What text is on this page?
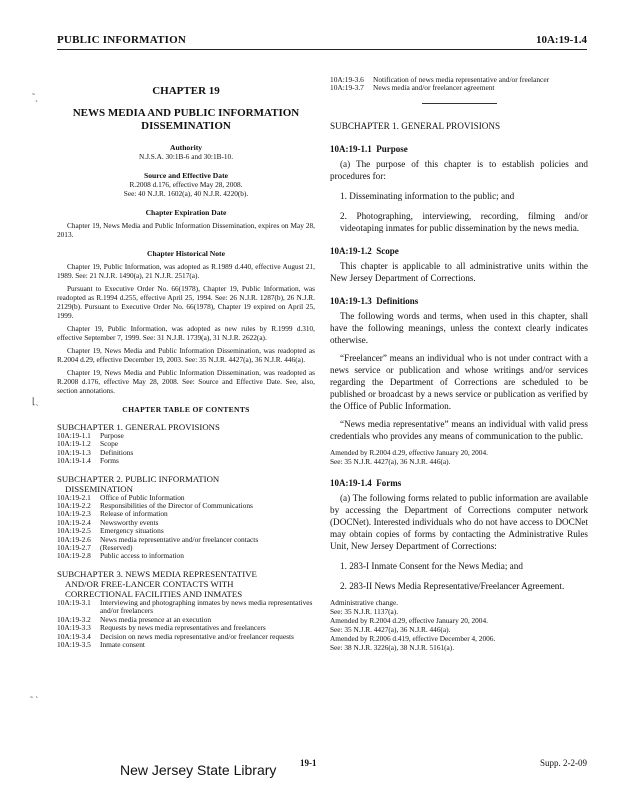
PUBLIC INFORMATION	10A:19-1.4
CHAPTER 19
NEWS MEDIA AND PUBLIC INFORMATION
DISSEMINATION
Authority
N.J.S.A. 30:1B-6 and 30:1B-10.
Source and Effective Date
R.2008 d.176, effective May 28, 2008.
See: 40 N.J.R. 1602(a), 40 N.J.R. 4220(b).
Chapter Expiration Date
Chapter 19, News Media and Public Information Dissemination, expires on May 28, 2013.
Chapter Historical Note
Chapter 19, Public Information, was adopted as R.1989 d.440, effective August 21, 1989. See: 21 N.J.R. 1490(a), 21 N.J.R. 2517(a).
Pursuant to Executive Order No. 66(1978), Chapter 19, Public Information, was readopted as R.1994 d.255, effective April 25, 1994. See: 26 N.J.R. 1287(b), 26 N.J.R. 2129(b). Pursuant to Executive Order No. 66(1978), Chapter 19 expired on April 25, 1999.
Chapter 19, Public Information, was adopted as new rules by R.1999 d.310, effective September 7, 1999. See: 31 N.J.R. 1739(a), 31 N.J.R. 2622(a).
Chapter 19, News Media and Public Information Dissemination, was readopted as R.2004 d.29, effective December 19, 2003. See: 35 N.J.R. 4427(a), 36 N.J.R. 446(a).
Chapter 19, News Media and Public Information Dissemination, was readopted as R.2008 d.176, effective May 28, 2008. See: Source and Effective Date. See, also, section annotations.
CHAPTER TABLE OF CONTENTS
SUBCHAPTER 1. GENERAL PROVISIONS
10A:19-1.1	Purpose
10A:19-1.2	Scope
10A:19-1.3	Definitions
10A:19-1.4	Forms
SUBCHAPTER 2. PUBLIC INFORMATION
DISSEMINATION
10A:19-2.1	Office of Public Information
10A:19-2.2	Responsibilities of the Director of Communications
10A:19-2.3	Release of information
10A:19-2.4	Newsworthy events
10A:19-2.5	Emergency situations
10A:19-2.6	News media representative and/or freelancer contacts
10A:19-2.7	(Reserved)
10A:19-2.8	Public access to information
SUBCHAPTER 3. NEWS MEDIA REPRESENTATIVE
AND/OR FREE-LANCER CONTACTS WITH
CORRECTIONAL FACILITIES AND INMATES
10A:19-3.1	Interviewing and photographing inmates by news media representatives and/or freelancers
10A:19-3.2	News media presence at an execution
10A:19-3.3	Requests by news media representatives and freelancers
10A:19-3.4	Decision on news media representative and/or freelancer requests
10A:19-3.5	Inmate consent
10A:19-3.6	Notification of news media representative and/or freelancer
10A:19-3.7	News media and/or freelancer agreement
SUBCHAPTER 1. GENERAL PROVISIONS
10A:19-1.1 Purpose
(a) The purpose of this chapter is to establish policies and procedures for:
1. Disseminating information to the public; and
2. Photographing, interviewing, recording, filming and/or videotaping inmates for public dissemination by the news media.
10A:19-1.2 Scope
This chapter is applicable to all administrative units within the New Jersey Department of Corrections.
10A:19-1.3 Definitions
The following words and terms, when used in this chapter, shall have the following meanings, unless the context clearly indicates otherwise.
“Freelancer” means an individual who is not under contract with a news service or publication and whose writings and/or services regarding the Department of Corrections are scheduled to be published or broadcast by a news service or publication as verified by the Office of Public Information.
“News media representative” means an individual with valid press credentials who provides any means of communication to the public.
Amended by R.2004 d.29, effective January 20, 2004.
See: 35 N.J.R. 4427(a), 36 N.J.R. 446(a).
10A:19-1.4 Forms
(a) The following forms related to public information are available by accessing the Department of Corrections computer network (DOCNet). Interested individuals who do not have access to DOCNet may obtain copies of forms by contacting the Administrative Rules Unit, New Jersey Department of Corrections:
1. 283-I Inmate Consent for the News Media; and
2. 283-II News Media Representative/Freelancer Agreement.
Administrative change.
See: 35 N.J.R. 1137(a).
Amended by R.2004 d.29, effective January 20, 2004.
See: 35 N.J.R. 4427(a), 36 N.J.R. 446(a).
Amended by R.2006 d.419, effective December 4, 2006.
See: 38 N.J.R. 3226(a), 38 N.J.R. 5161(a).
˜ˏ
⌊ˏ
˷ ˏ
New Jersey State Library	19-1	Supp. 2-2-09
